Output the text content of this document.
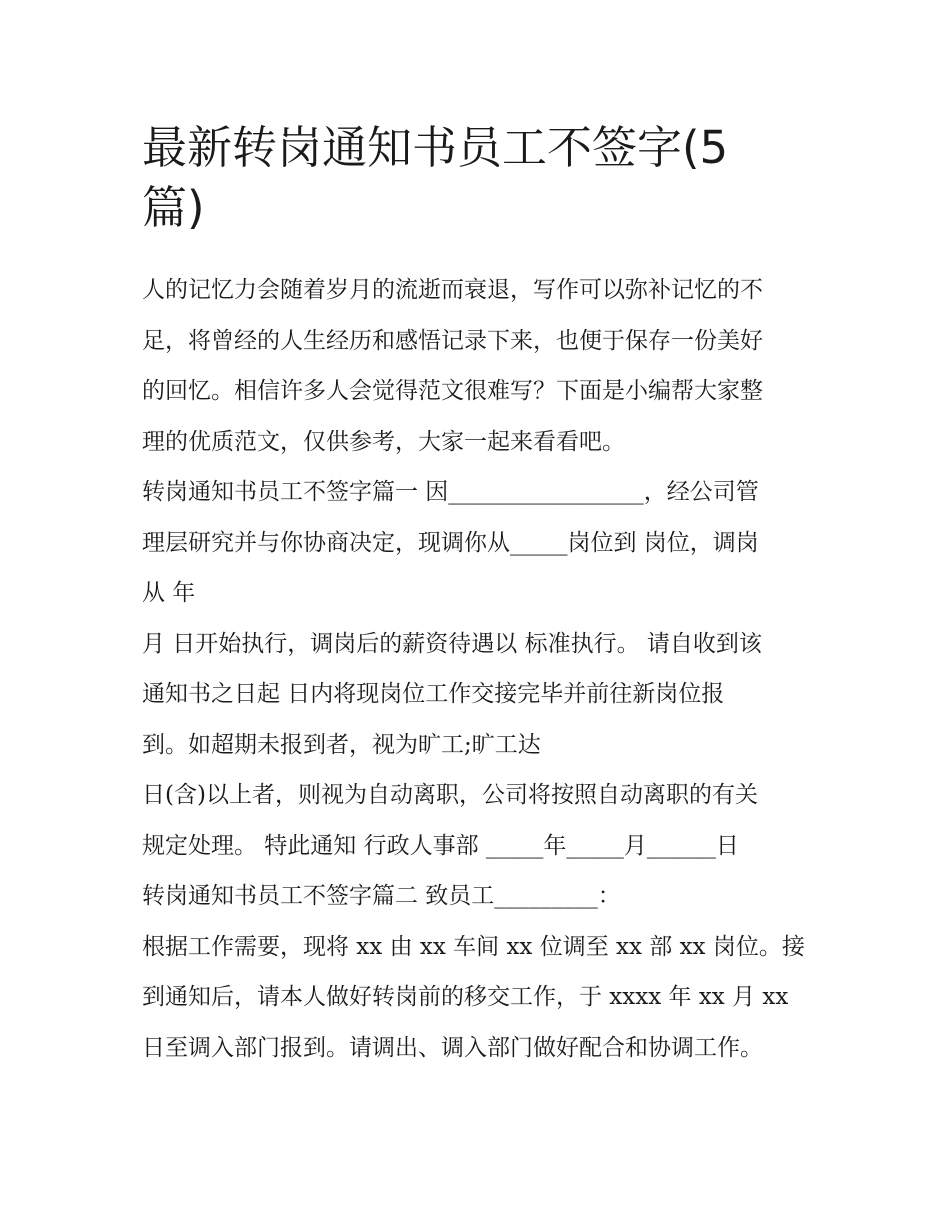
最新转岗通知书员工不签字(5
篇)

人的记忆力会随着岁月的流逝而衰退，写作可以弥补记忆的不

足，将曾经的人生经历和感悟记录下来，也便于保存一份美好

的回忆。相信许多人会觉得范文很难写？下面是小编帮大家整

理的优质范文，仅供参考，大家一起来看看吧。

转岗通知书员工不签字篇一 因_________________，经公司管

理层研究并与你协商决定，现调你从_____岗位到 岗位，调岗

从 年

月 日开始执行，调岗后的薪资待遇以 标准执行。 请自收到该

通知书之日起 日内将现岗位工作交接完毕并前往新岗位报

到。如超期未报到者，视为旷工;旷工达

日(含)以上者，则视为自动离职，公司将按照自动离职的有关

规定处理。 特此通知 行政人事部 _____年_____月______日

转岗通知书员工不签字篇二 致员工_________：

根据工作需要，现将 xx 由 xx 车间 xx 位调至 xx 部 xx 岗位。接

到通知后，请本人做好转岗前的移交工作，于 xxxx 年 xx 月 xx

日至调入部门报到。请调出、调入部门做好配合和协调工作。
